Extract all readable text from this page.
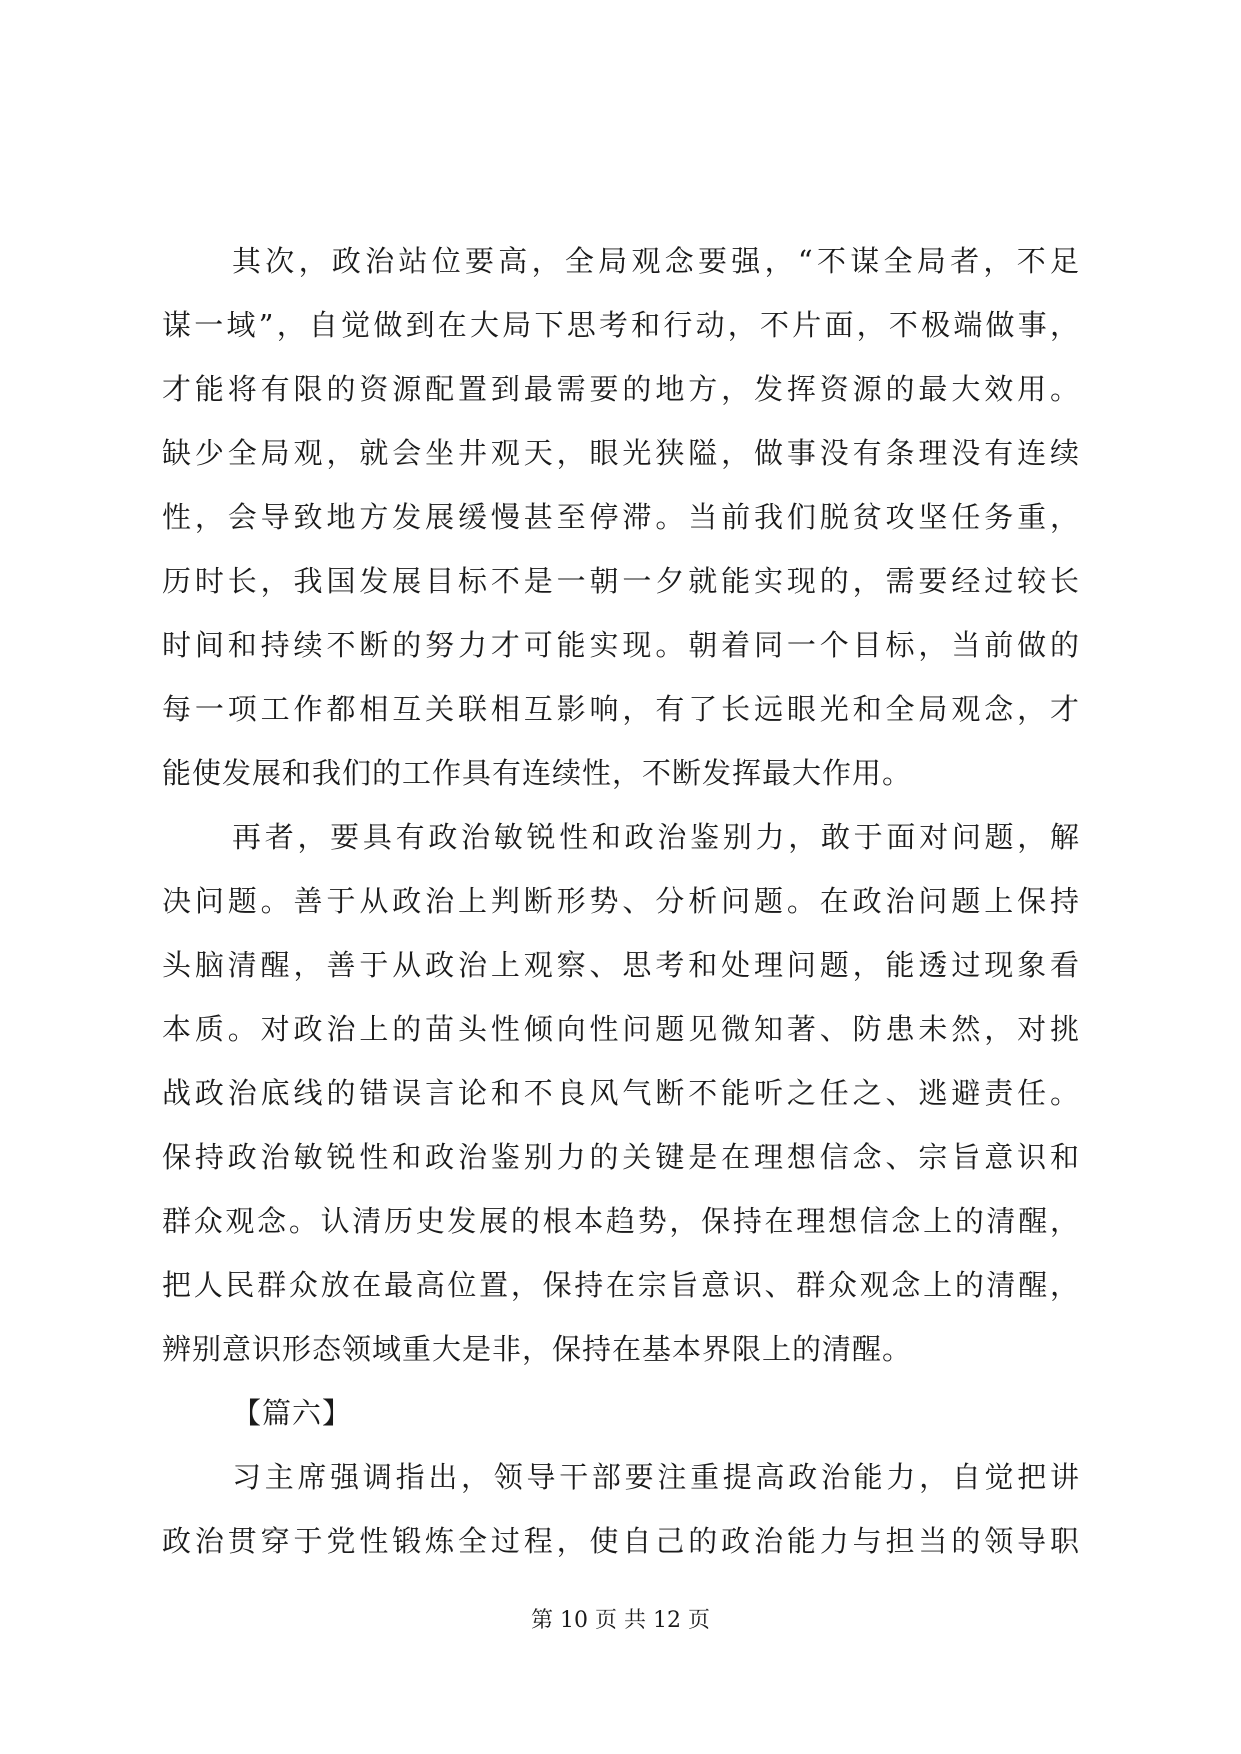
其次，政治站位要高，全局观念要强，“不谋全局者，不足
谋一域”，自觉做到在大局下思考和行动，不片面，不极端做事，
才能将有限的资源配置到最需要的地方，发挥资源的最大效用。
缺少全局观，就会坐井观天，眼光狭隘，做事没有条理没有连续
性，会导致地方发展缓慢甚至停滞。当前我们脱贫攻坚任务重，
历时长，我国发展目标不是一朝一夕就能实现的，需要经过较长
时间和持续不断的努力才可能实现。朝着同一个目标，当前做的
每一项工作都相互关联相互影响，有了长远眼光和全局观念，才
能使发展和我们的工作具有连续性，不断发挥最大作用。
再者，要具有政治敏锐性和政治鉴别力，敢于面对问题，解
决问题。善于从政治上判断形势、分析问题。在政治问题上保持
头脑清醒，善于从政治上观察、思考和处理问题，能透过现象看
本质。对政治上的苗头性倾向性问题见微知著、防患未然，对挑
战政治底线的错误言论和不良风气断不能听之任之、逃避责任。
保持政治敏锐性和政治鉴别力的关键是在理想信念、宗旨意识和
群众观念。认清历史发展的根本趋势，保持在理想信念上的清醒，
把人民群众放在最高位置，保持在宗旨意识、群众观念上的清醒，
辨别意识形态领域重大是非，保持在基本界限上的清醒。
【篇六】
习主席强调指出，领导干部要注重提高政治能力，自觉把讲
政治贯穿于党性锻炼全过程，使自己的政治能力与担当的领导职
第 10 页 共 12 页
